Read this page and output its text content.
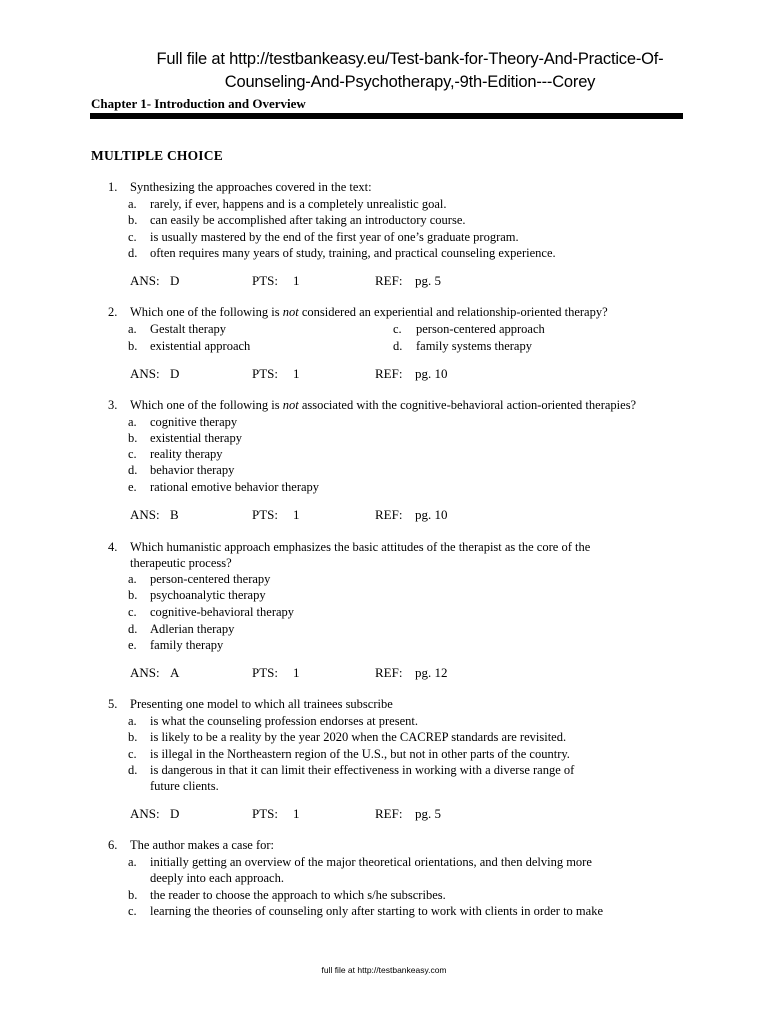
Full file at http://testbankeasy.eu/Test-bank-for-Theory-And-Practice-Of-
Counseling-And-Psychotherapy,-9th-Edition---Corey
Chapter 1- Introduction and Overview
MULTIPLE CHOICE
1.	Synthesizing the approaches covered in the text:
a. rarely, if ever, happens and is a completely unrealistic goal.
b. can easily be accomplished after taking an introductory course.
c. is usually mastered by the end of the first year of one’s graduate program.
d. often requires many years of study, training, and practical counseling experience.
ANS: D	PTS: 1	REF: pg. 5
2.	Which one of the following is not considered an experiential and relationship-oriented therapy?
a. Gestalt therapy
b. existential approach
c. person-centered approach
d. family systems therapy
ANS: D	PTS: 1	REF: pg. 10
3.	Which one of the following is not associated with the cognitive-behavioral action-oriented therapies?
a. cognitive therapy
b. existential therapy
c. reality therapy
d. behavior therapy
e. rational emotive behavior therapy
ANS: B	PTS: 1	REF: pg. 10
4.	Which humanistic approach emphasizes the basic attitudes of the therapist as the core of the
therapeutic process?
a. person-centered therapy
b. psychoanalytic therapy
c. cognitive-behavioral therapy
d. Adlerian therapy
e. family therapy
ANS: A	PTS: 1	REF: pg. 12
5.	Presenting one model to which all trainees subscribe
a. is what the counseling profession endorses at present.
b. is likely to be a reality by the year 2020 when the CACREP standards are revisited.
c. is illegal in the Northeastern region of the U.S., but not in other parts of the country.
d. is dangerous in that it can limit their effectiveness in working with a diverse range of
future clients.
ANS: D	PTS: 1	REF: pg. 5
6.	The author makes a case for:
a. initially getting an overview of the major theoretical orientations, and then delving more
deeply into each approach.
b. the reader to choose the approach to which s/he subscribes.
c. learning the theories of counseling only after starting to work with clients in order to make
full file at http://testbankeasy.com
